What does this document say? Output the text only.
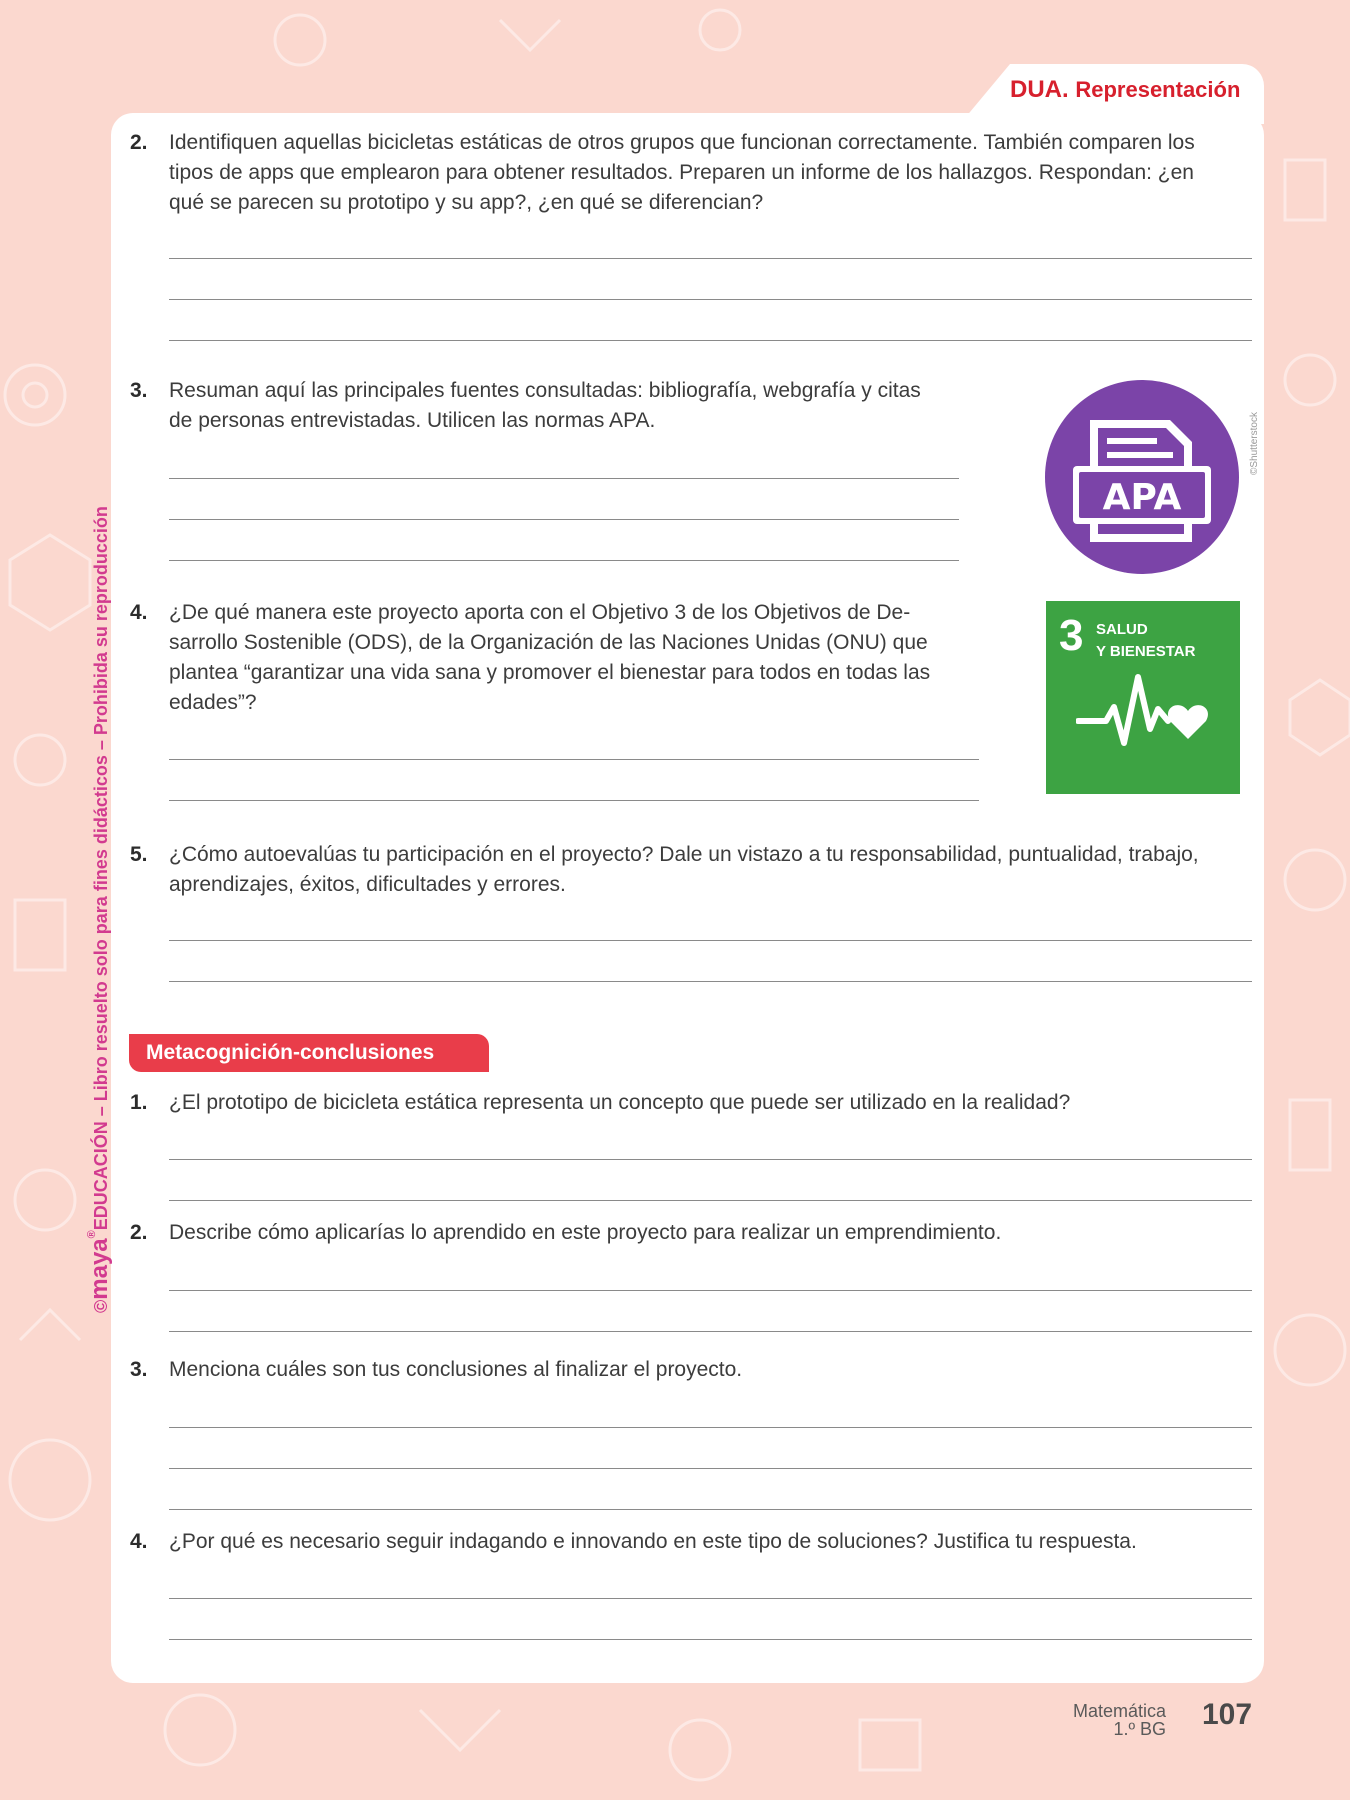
DUA. Representación
2. Identifiquen aquellas bicicletas estáticas de otros grupos que funcionan correctamente. También comparen los
tipos de apps que emplearon para obtener resultados. Preparen un informe de los hallazgos. Respondan: ¿en
qué se parecen su prototipo y su app?, ¿en qué se diferencian?
3. Resuman aquí las principales fuentes consultadas: bibliografía, webgrafía y citas
de personas entrevistadas. Utilicen las normas APA.
APA
©Shutterstock
4. ¿De qué manera este proyecto aporta con el Objetivo 3 de los Objetivos de De-
sarrollo Sostenible (ODS), de la Organización de las Naciones Unidas (ONU) que
plantea “garantizar una vida sana y promover el bienestar para todos en todas las
edades”?
3 SALUD
Y BIENESTAR
5. ¿Cómo autoevalúas tu participación en el proyecto? Dale un vistazo a tu responsabilidad, puntualidad, trabajo,
aprendizajes, éxitos, dificultades y errores.
Metacognición-conclusiones
1. ¿El prototipo de bicicleta estática representa un concepto que puede ser utilizado en la realidad?
2. Describe cómo aplicarías lo aprendido en este proyecto para realizar un emprendimiento.
3. Menciona cuáles son tus conclusiones al finalizar el proyecto.
4. ¿Por qué es necesario seguir indagando e innovando en este tipo de soluciones? Justifica tu respuesta.
©maya®EDUCACIÓN – Libro resuelto solo para fines didácticos – Prohibida su reproducción
Matemática
1.º BG 107
